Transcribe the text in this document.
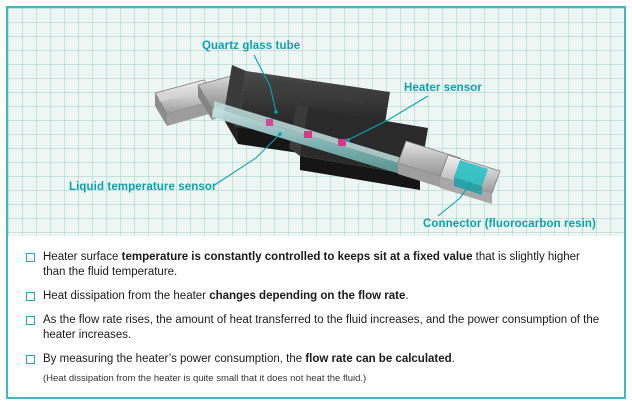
Quartz glass tube
Heater sensor
Liquid temperature sensor
Connector (fluorocarbon resin)
Heater surface temperature is constantly controlled to keeps sit at a fixed value that is slightly higher than the fluid temperature.
Heat dissipation from the heater changes depending on the flow rate.
As the flow rate rises, the amount of heat transferred to the fluid increases, and the power consumption of the heater increases.
By measuring the heater’s power consumption, the flow rate can be calculated.
(Heat dissipation from the heater is quite small that it does not heat the fluid.)
